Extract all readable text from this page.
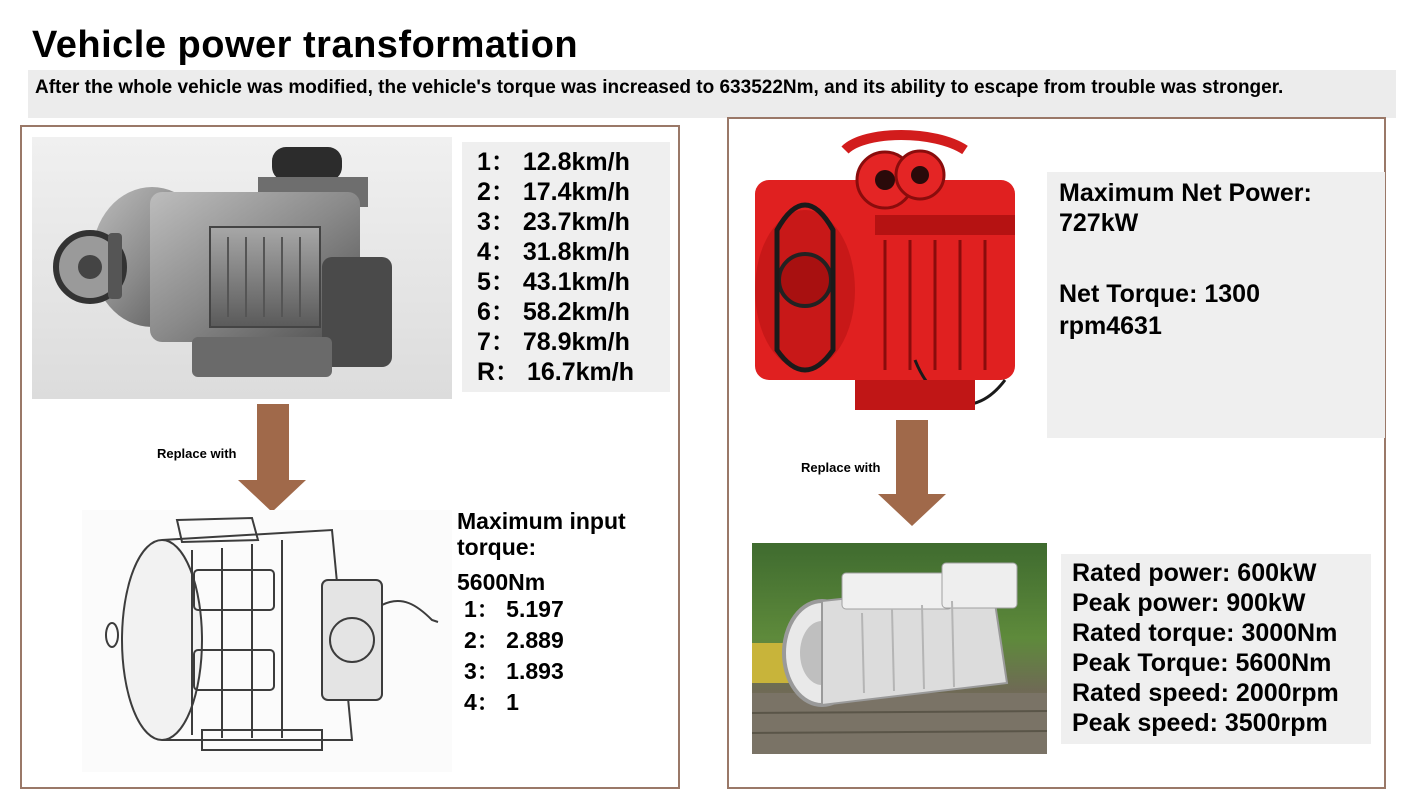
Vehicle power transformation

After the whole vehicle was modified, the vehicle's torque was increased to 633522Nm, and its ability to escape from trouble was stronger.

1： 12.8km/h
2： 17.4km/h
3： 23.7km/h
4： 31.8km/h
5： 43.1km/h
6： 58.2km/h
7： 78.9km/h
R： 16.7km/h
Replace with
Maximum input torque:
5600Nm
1： 5.197
2： 2.889
3： 1.893
4： 1
Maximum Net Power:
727kW
Net Torque: 1300
rpm4631
Replace with
Rated power: 600kW
Peak power: 900kW
Rated torque: 3000Nm
Peak Torque: 5600Nm
Rated speed: 2000rpm
Peak speed: 3500rpm
